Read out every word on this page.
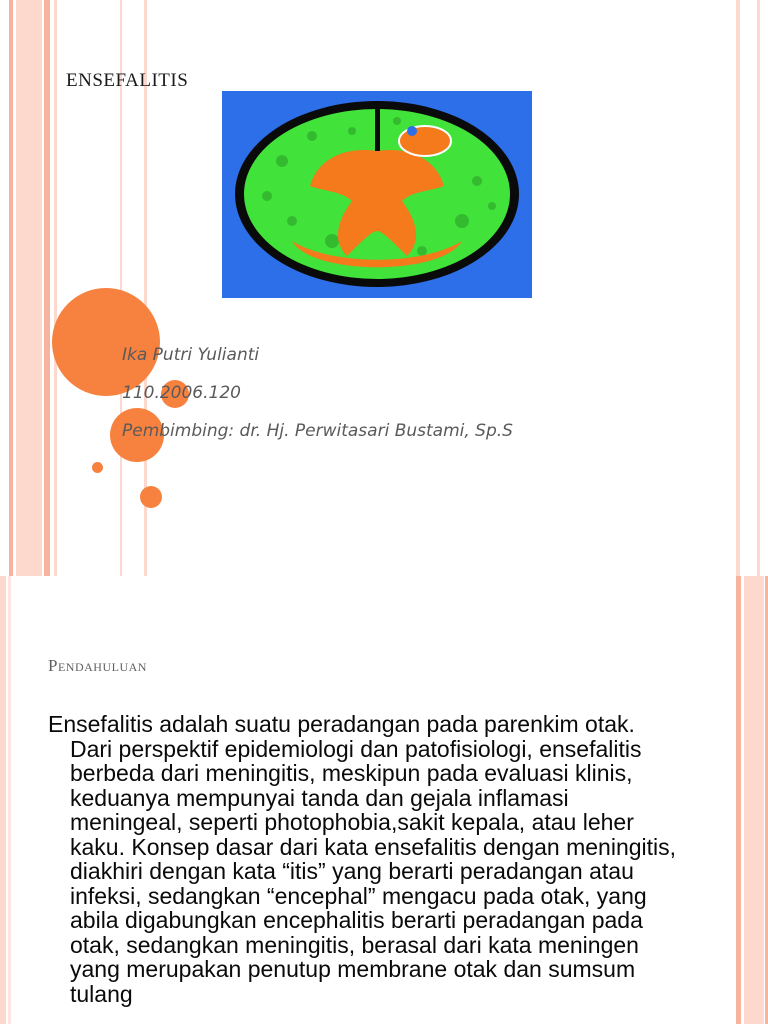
ENSEFALITIS
Ika Putri Yulianti
110.2006.120
Pembimbing: dr. Hj. Perwitasari Bustami, Sp.S
Pendahuluan

Ensefalitis adalah suatu peradangan pada parenkim otak. Dari perspektif epidemiologi dan patofisiologi, ensefalitis berbeda dari meningitis, meskipun pada evaluasi klinis, keduanya mempunyai tanda dan gejala inflamasi meningeal, seperti photophobia,sakit kepala, atau leher kaku. Konsep dasar dari kata ensefalitis dengan meningitis, diakhiri dengan kata “itis” yang berarti peradangan atau infeksi, sedangkan “encephal” mengacu pada otak, yang abila digabungkan encephalitis berarti peradangan pada otak, sedangkan meningitis, berasal dari kata meningen yang merupakan penutup membrane otak dan sumsum tulang
